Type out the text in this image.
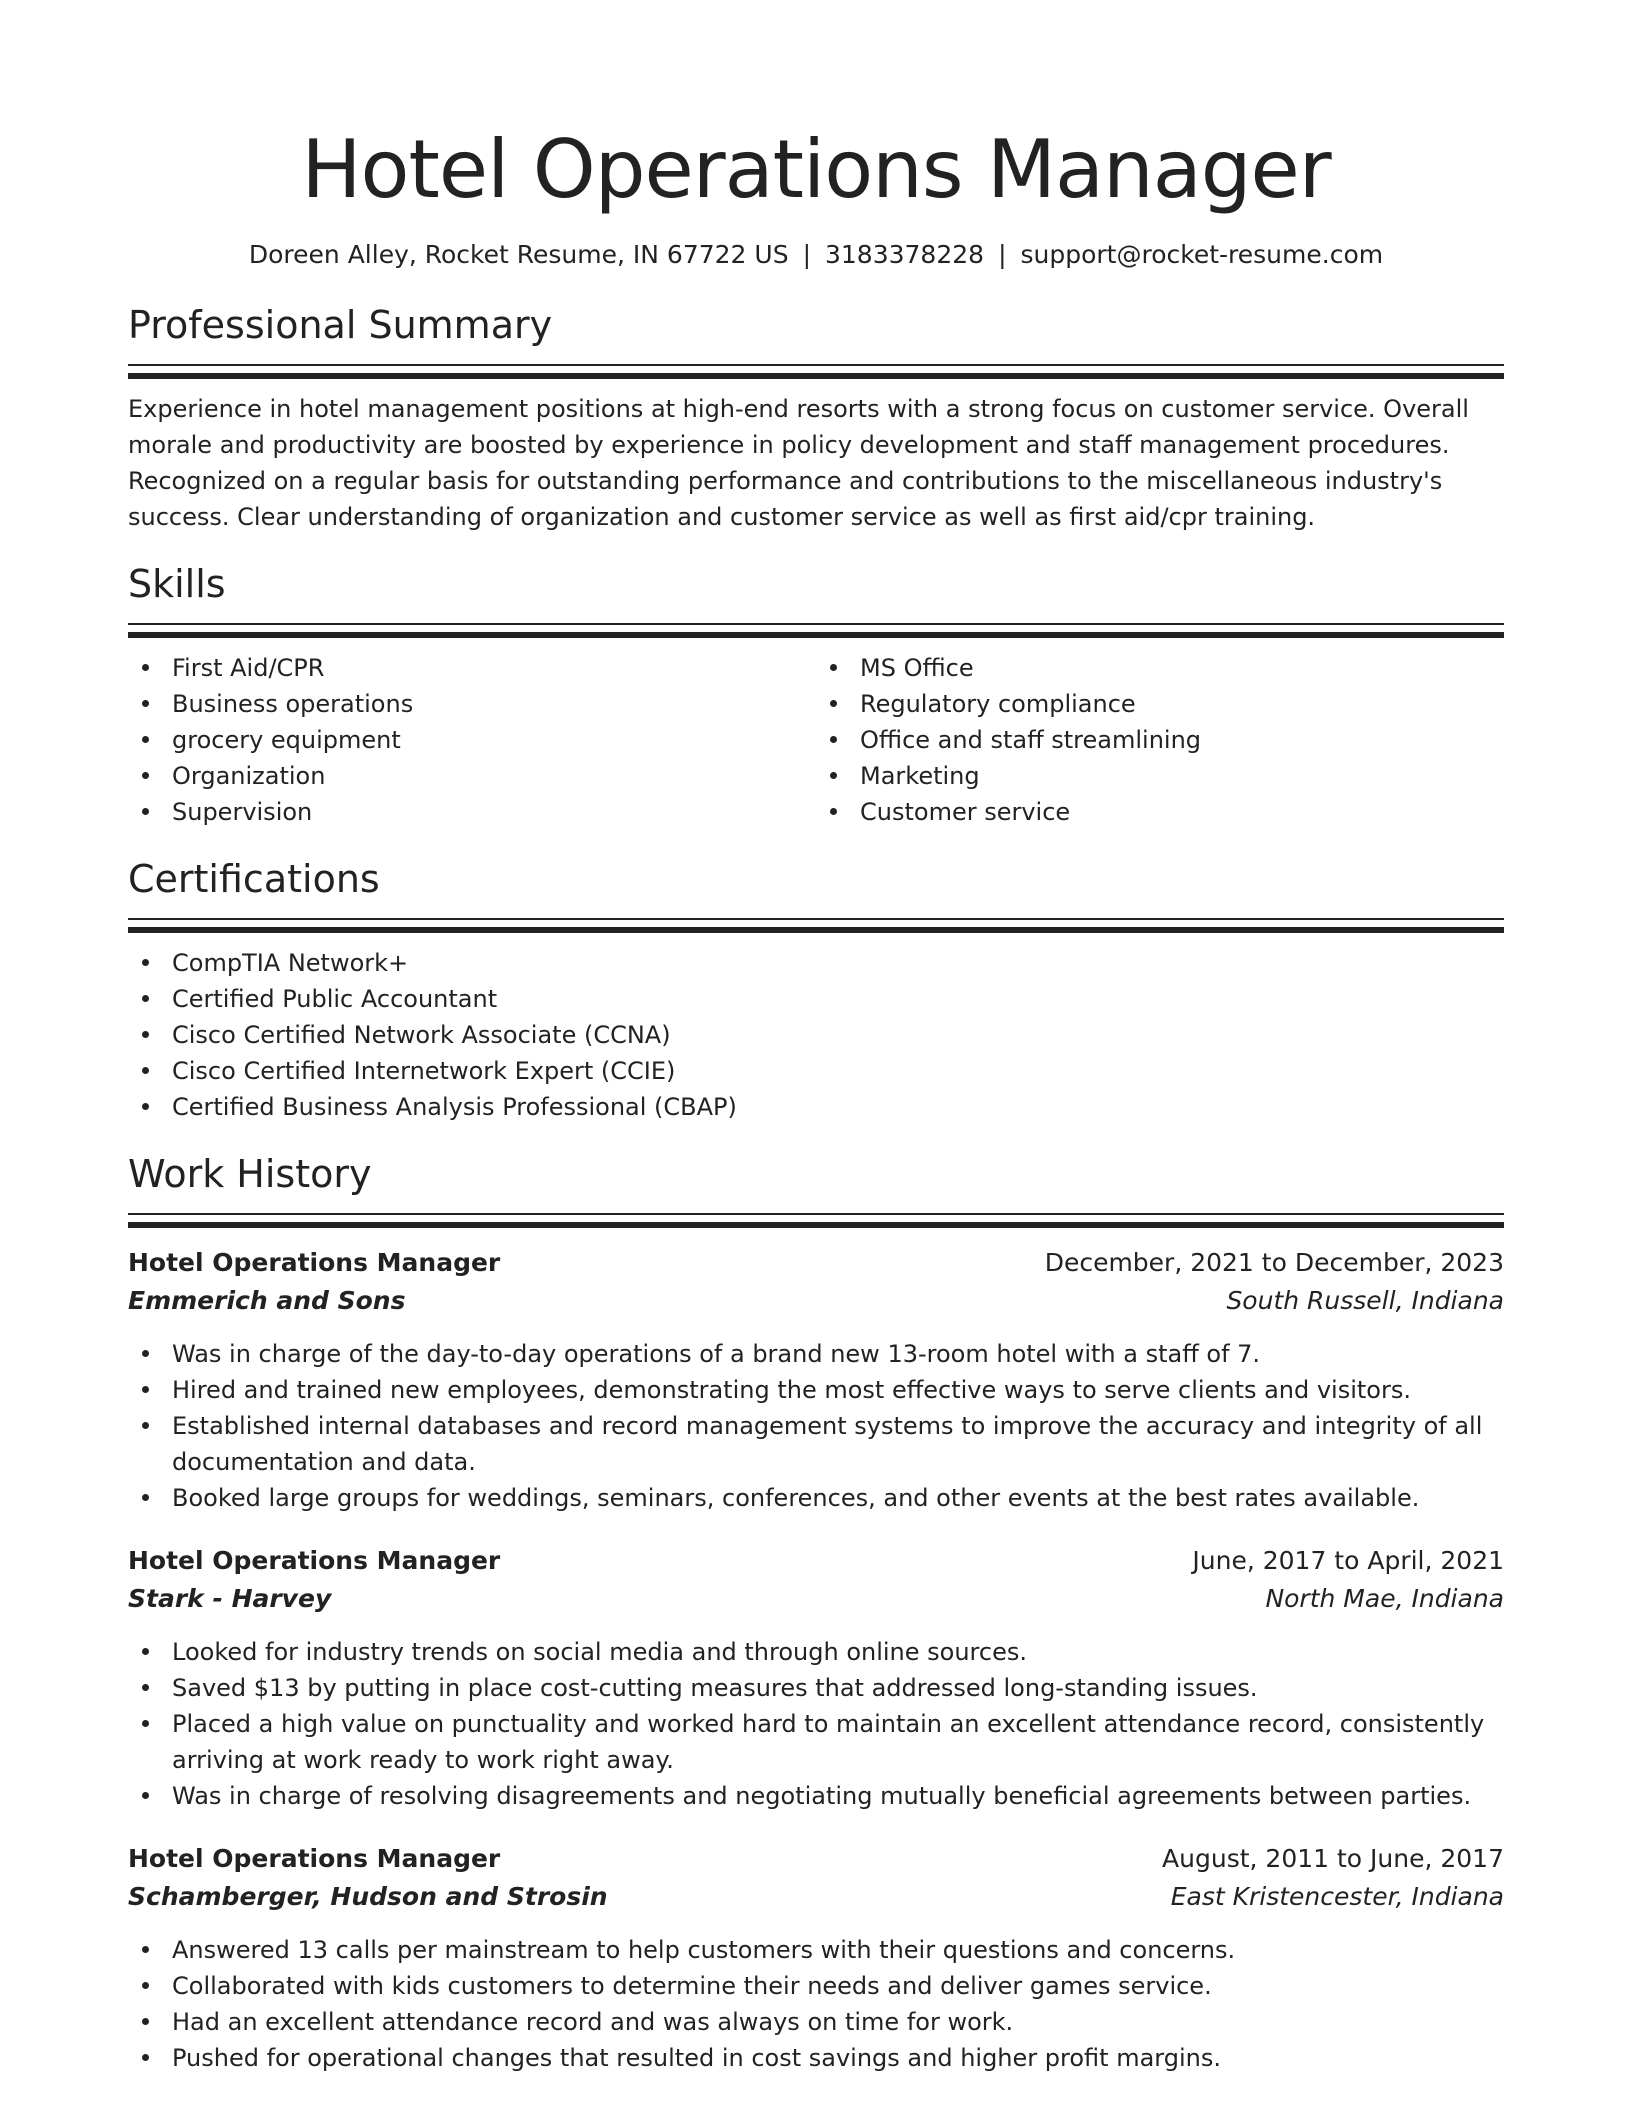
Hotel Operations Manager
Doreen Alley, Rocket Resume, IN 67722 US | 3183378228 | support@rocket-resume.com
Professional Summary

Experience in hotel management positions at high-end resorts with a strong focus on customer service. Overall morale and productivity are boosted by experience in policy development and staff management procedures. Recognized on a regular basis for outstanding performance and contributions to the miscellaneous industry's success. Clear understanding of organization and customer service as well as first aid/cpr training.

Skills
First Aid/CPR
Business operations
grocery equipment
Organization
Supervision
MS Office
Regulatory compliance
Office and staff streamlining
Marketing
Customer service
Certifications
CompTIA Network+
Certified Public Accountant
Cisco Certified Network Associate (CCNA)
Cisco Certified Internetwork Expert (CCIE)
Certified Business Analysis Professional (CBAP)
Work History
Hotel Operations Manager	December, 2021 to December, 2023
Emmerich and Sons	South Russell, Indiana
Was in charge of the day-to-day operations of a brand new 13-room hotel with a staff of 7.
Hired and trained new employees, demonstrating the most effective ways to serve clients and visitors.
Established internal databases and record management systems to improve the accuracy and integrity of all documentation and data.
Booked large groups for weddings, seminars, conferences, and other events at the best rates available.
Hotel Operations Manager	June, 2017 to April, 2021
Stark - Harvey	North Mae, Indiana
Looked for industry trends on social media and through online sources.
Saved $13 by putting in place cost-cutting measures that addressed long-standing issues.
Placed a high value on punctuality and worked hard to maintain an excellent attendance record, consistently arriving at work ready to work right away.
Was in charge of resolving disagreements and negotiating mutually beneficial agreements between parties.
Hotel Operations Manager	August, 2011 to June, 2017
Schamberger, Hudson and Strosin	East Kristencester, Indiana
Answered 13 calls per mainstream to help customers with their questions and concerns.
Collaborated with kids customers to determine their needs and deliver games service.
Had an excellent attendance record and was always on time for work.
Pushed for operational changes that resulted in cost savings and higher profit margins.
